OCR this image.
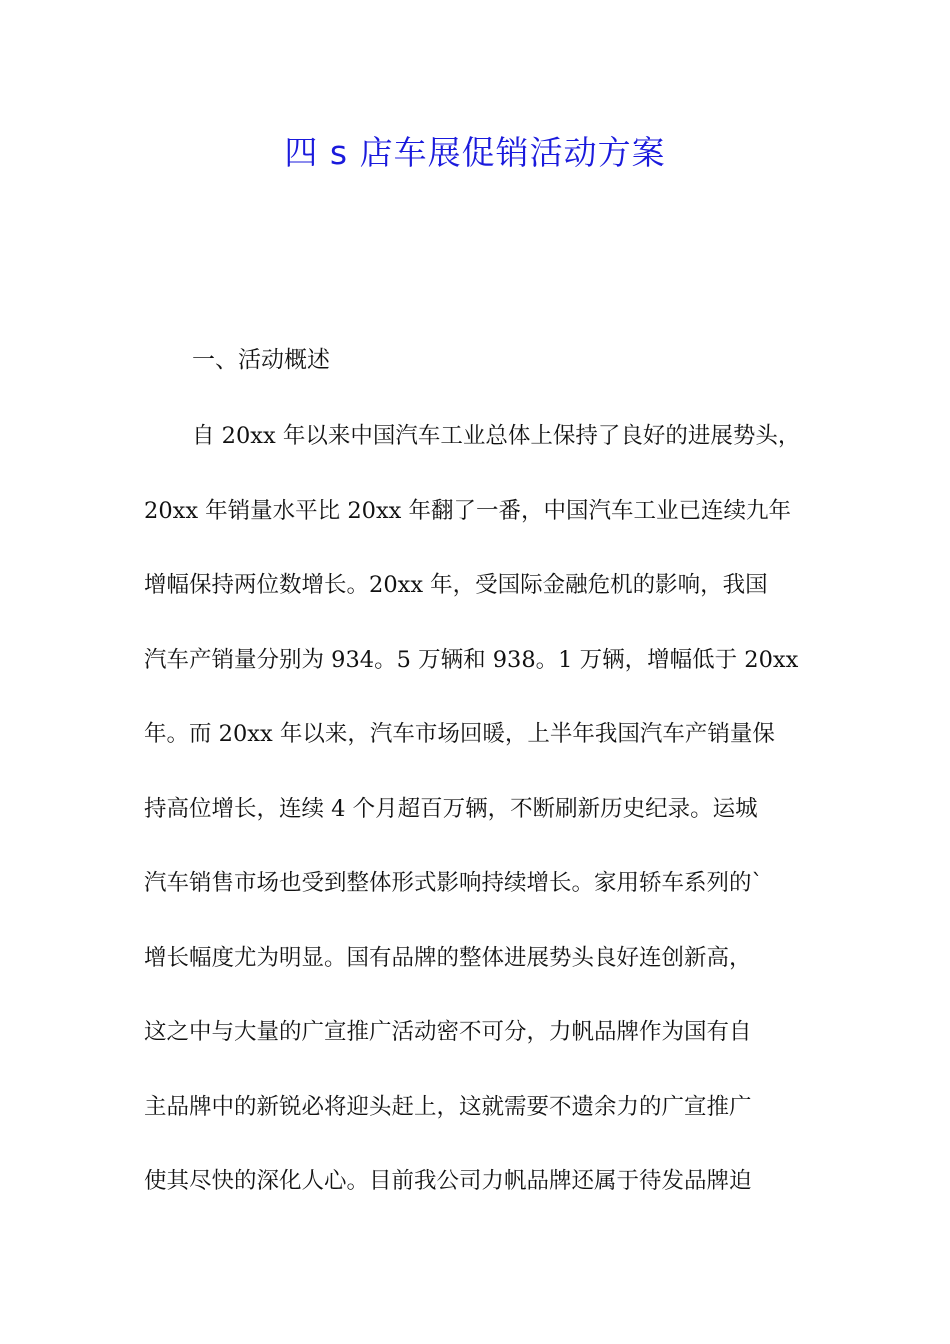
四 s 店车展促销活动方案
一、活动概述
自 20xx 年以来中国汽车工业总体上保持了良好的进展势头，
20xx 年销量水平比 20xx 年翻了一番，中国汽车工业已连续九年
增幅保持两位数增长。20xx 年，受国际金融危机的影响，我国
汽车产销量分别为 934。5 万辆和 938。1 万辆，增幅低于 20xx
年。而 20xx 年以来，汽车市场回暖，上半年我国汽车产销量保
持高位增长，连续 4 个月超百万辆，不断刷新历史纪录。运城
汽车销售市场也受到整体形式影响持续增长。家用轿车系列的`
增长幅度尤为明显。国有品牌的整体进展势头良好连创新高，
这之中与大量的广宣推广活动密不可分，力帆品牌作为国有自
主品牌中的新锐必将迎头赶上，这就需要不遗余力的广宣推广
使其尽快的深化人心。目前我公司力帆品牌还属于待发品牌迫
